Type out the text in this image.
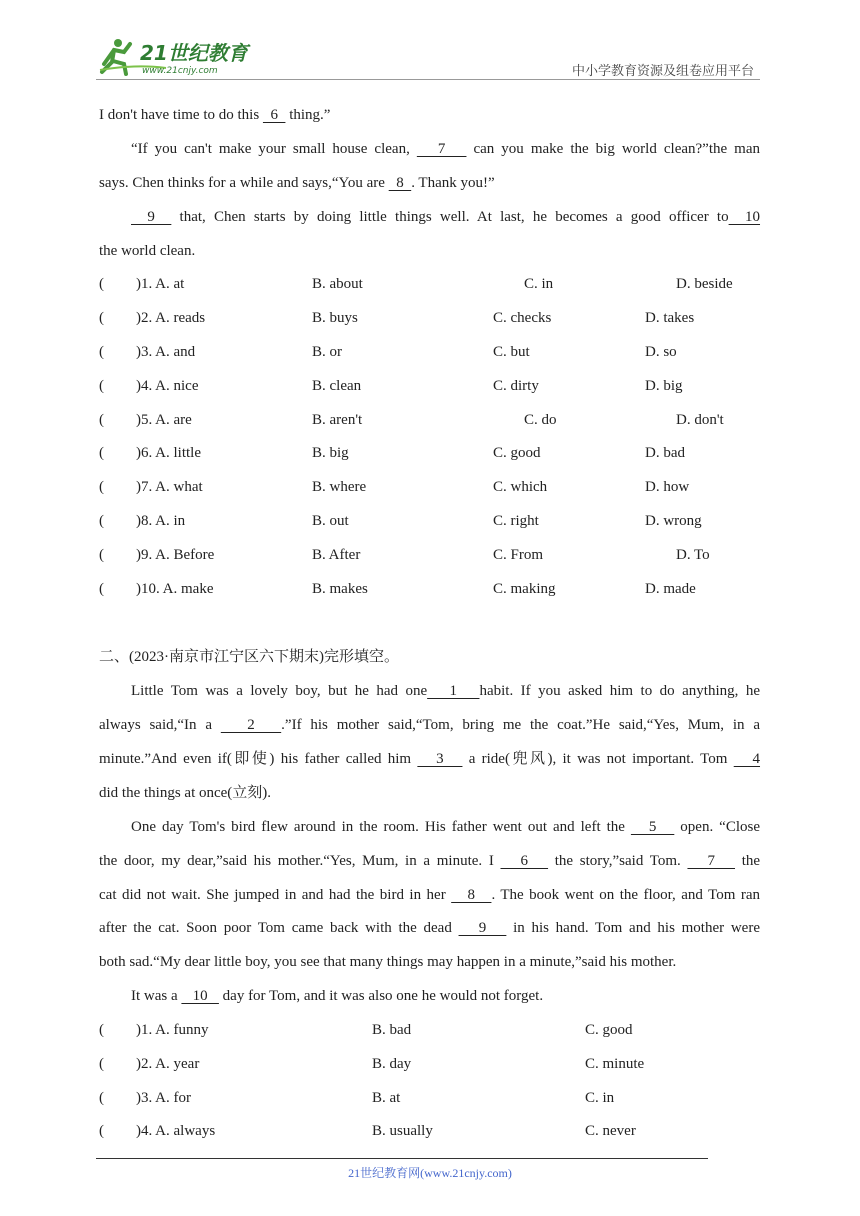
21世纪教育
www.21cnjy.com	中小学教育资源及组卷应用平台
I don't have time to do this   6   thing.”
“If you can't make your small house clean,    7    can you make the big world clean?”the man
says. Chen thinks for a while and says,“You are   8  . Thank you!”
9   that, Chen starts by doing little things well. At last, he becomes a good officer to  10
the world clean.
( )1. A. at	B. about	C. in	D. beside
( )2. A. reads	B. buys	C. checks	D. takes
( )3. A. and	B. or	C. but	D. so
( )4. A. nice	B. clean	C. dirty	D. big
( )5. A. are	B. aren't	C. do	D. don't
( )6. A. little	B. big	C. good	D. bad
( )7. A. what	B. where	C. which	D. how
( )8. A. in	B. out	C. right	D. wrong
( )9. A. Before	B. After	C. From	D. To
( )10. A. make	B. makes	C. making	D. made
二、(2023·南京市江宁区六下期末)完形填空。
Little Tom was a lovely boy, but he had one   1   habit. If you asked him to do anything, he
always said,“In a    2   .”If his mother said,“Tom, bring me the coat.”He said,“Yes, Mum, in a
minute.”And even if(即使) his father called him    3    a ride(兜风), it was not important. Tom    4
did the things at once(立刻).
One day Tom's bird flew around in the room. His father went out and left the    5    open. “Close
the door, my dear,”said his mother.“Yes, Mum, in a minute. I    6    the story,”said Tom.    7    the
cat did not wait. She jumped in and had the bird in her    8   . The book went on the floor, and Tom ran
after the cat. Soon poor Tom came back with the dead    9    in his hand. Tom and his mother were
both sad.“My dear little boy, you see that many things may happen in a minute,”said his mother.
It was a    10    day for Tom, and it was also one he would not forget.
( )1. A. funny	B. bad	C. good
( )2. A. year	B. day	C. minute
( )3. A. for	B. at	C. in
( )4. A. always	B. usually	C. never
21世纪教育网(www.21cnjy.com)
